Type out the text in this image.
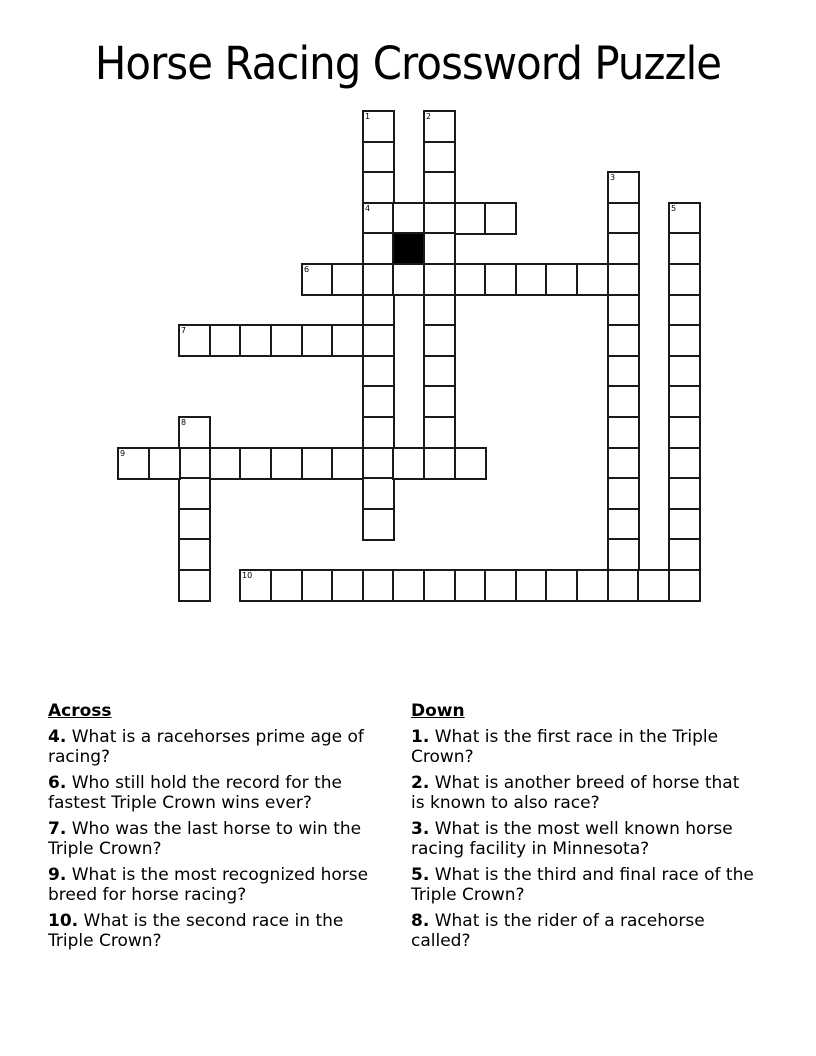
Horse Racing Crossword Puzzle
1
4
2
3
5
6
7
8
9
10
Across
4. What is a racehorses prime age of racing?
6. Who still hold the record for the fastest Triple Crown wins ever?
7. Who was the last horse to win the Triple Crown?
9. What is the most recognized horse breed for horse racing?
10. What is the second race in the Triple Crown?
Down
1. What is the first race in the Triple Crown?
2. What is another breed of horse that is known to also race?
3. What is the most well known horse racing facility in Minnesota?
5. What is the third and final race of the Triple Crown?
8. What is the rider of a racehorse called?
